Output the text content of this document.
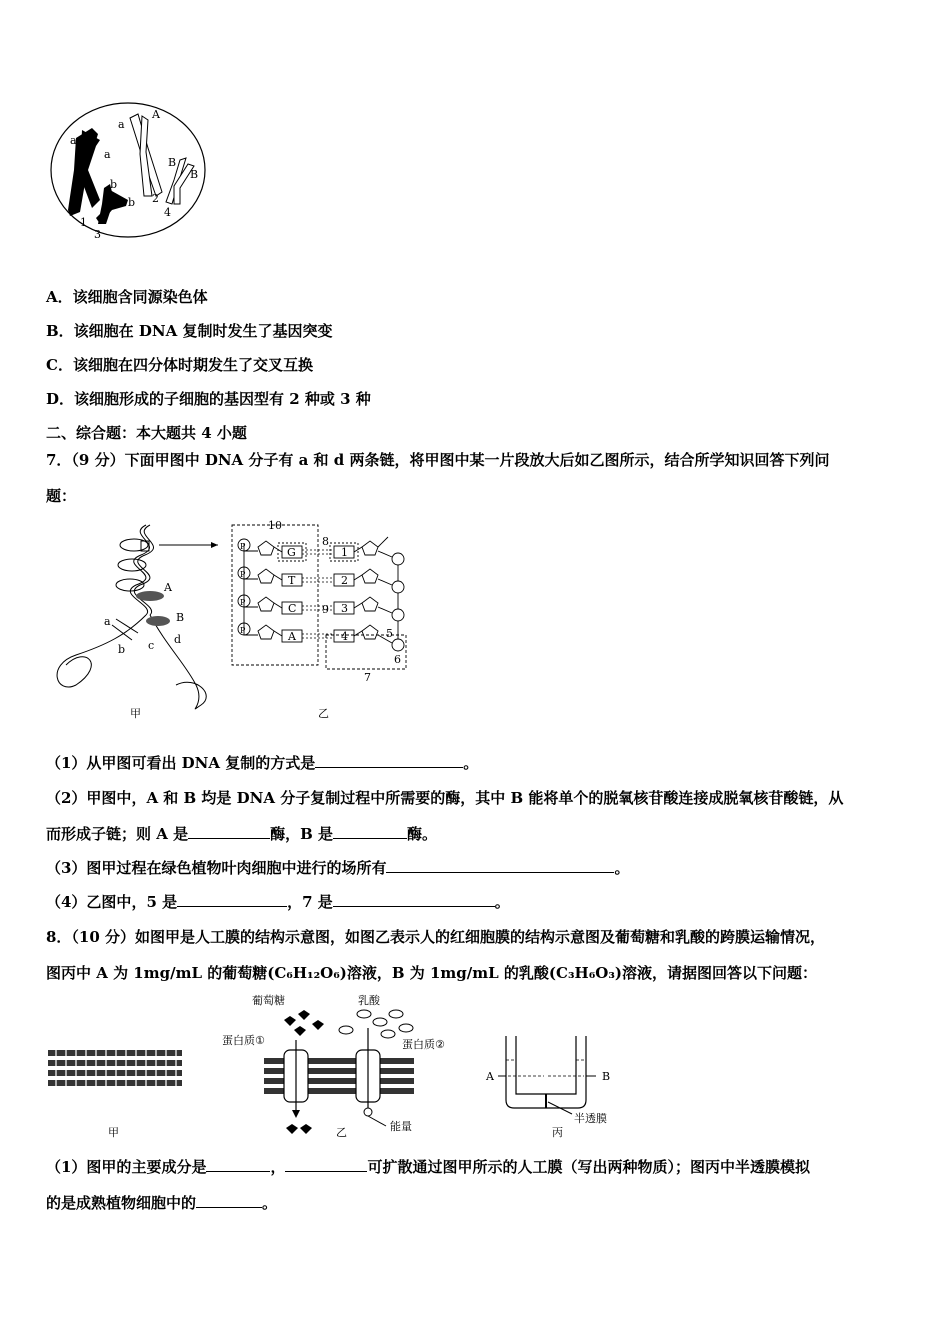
a
a
a
A
B
B
b
b
1
2
3
4
A．该细胞含同源染色体
B．该细胞在 DNA 复制时发生了基因突变
C．该细胞在四分体时期发生了交叉互换
D．该细胞形成的子细胞的基因型有 2 种或 3 种
二、综合题：本大题共 4 小题
7．（9 分）下面甲图中 DNA 分子有 a 和 d 两条链，将甲图中某一片段放大后如乙图所示，结合所学知识回答下列问
题：
A
B
a
b c d
甲
10
8
9
7
5
6
G
T
C
A
1
2
3
4
P
P
P
P
乙
（1）从甲图可看出 DNA 复制的方式是	。
（2）甲图中，A 和 B 均是 DNA 分子复制过程中所需要的酶，其中 B 能将单个的脱氧核苷酸连接成脱氧核苷酸链，从
而形成子链；则 A 是	酶，B 是	酶。
（3）图甲过程在绿色植物叶肉细胞中进行的场所有	。
（4）乙图中，5 是	，7 是	。
8．（10 分）如图甲是人工膜的结构示意图，如图乙表示人的红细胞膜的结构示意图及葡萄糖和乳酸的跨膜运输情况，
图丙中 A 为 1mg/mL 的葡萄糖(C₆H₁₂O₆)溶液，B 为 1mg/mL 的乳酸(C₃H₆O₃)溶液，请据图回答以下问题：
甲
葡萄糖	乳酸
蛋白质①	蛋白质②
能量
乙
A	B
半透膜
丙
（1）图甲的主要成分是	，	可扩散通过图甲所示的人工膜（写出两种物质）；图丙中半透膜模拟
的是成熟植物细胞中的	。
